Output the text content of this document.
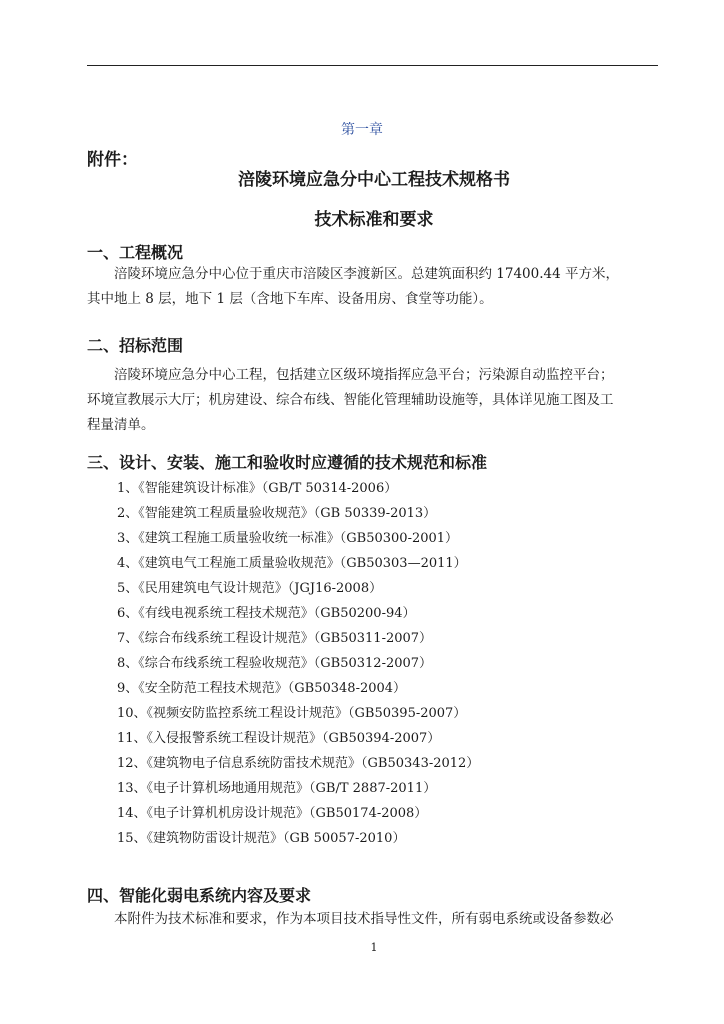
第一章
附件：
涪陵环境应急分中心工程技术规格书
技术标准和要求
一、工程概况
涪陵环境应急分中心位于重庆市涪陵区李渡新区。总建筑面积约 17400.44 平方米，
其中地上 8 层，地下 1 层（含地下车库、设备用房、食堂等功能）。
二、招标范围
涪陵环境应急分中心工程，包括建立区级环境指挥应急平台；污染源自动监控平台；
环境宣教展示大厅；机房建设、综合布线、智能化管理辅助设施等，具体详见施工图及工
程量清单。
三、设计、安装、施工和验收时应遵循的技术规范和标准
1、《智能建筑设计标准》（GB/T 50314-2006）
2、《智能建筑工程质量验收规范》（GB 50339-2013）
3、《建筑工程施工质量验收统一标准》（GB50300-2001）
4、《建筑电气工程施工质量验收规范》（GB50303—2011）
5、《民用建筑电气设计规范》（JGJ16-2008）
6、《有线电视系统工程技术规范》（GB50200-94）
7、《综合布线系统工程设计规范》（GB50311-2007）
8、《综合布线系统工程验收规范》（GB50312-2007）
9、《安全防范工程技术规范》（GB50348-2004）
10、《视频安防监控系统工程设计规范》（GB50395-2007）
11、《入侵报警系统工程设计规范》（GB50394-2007）
12、《建筑物电子信息系统防雷技术规范》（GB50343-2012）
13、《电子计算机场地通用规范》（GB/T 2887-2011）
14、《电子计算机机房设计规范》（GB50174-2008）
15、《建筑物防雷设计规范》（GB 50057-2010）
四、智能化弱电系统内容及要求
本附件为技术标准和要求，作为本项目技术指导性文件，所有弱电系统或设备参数必
1
